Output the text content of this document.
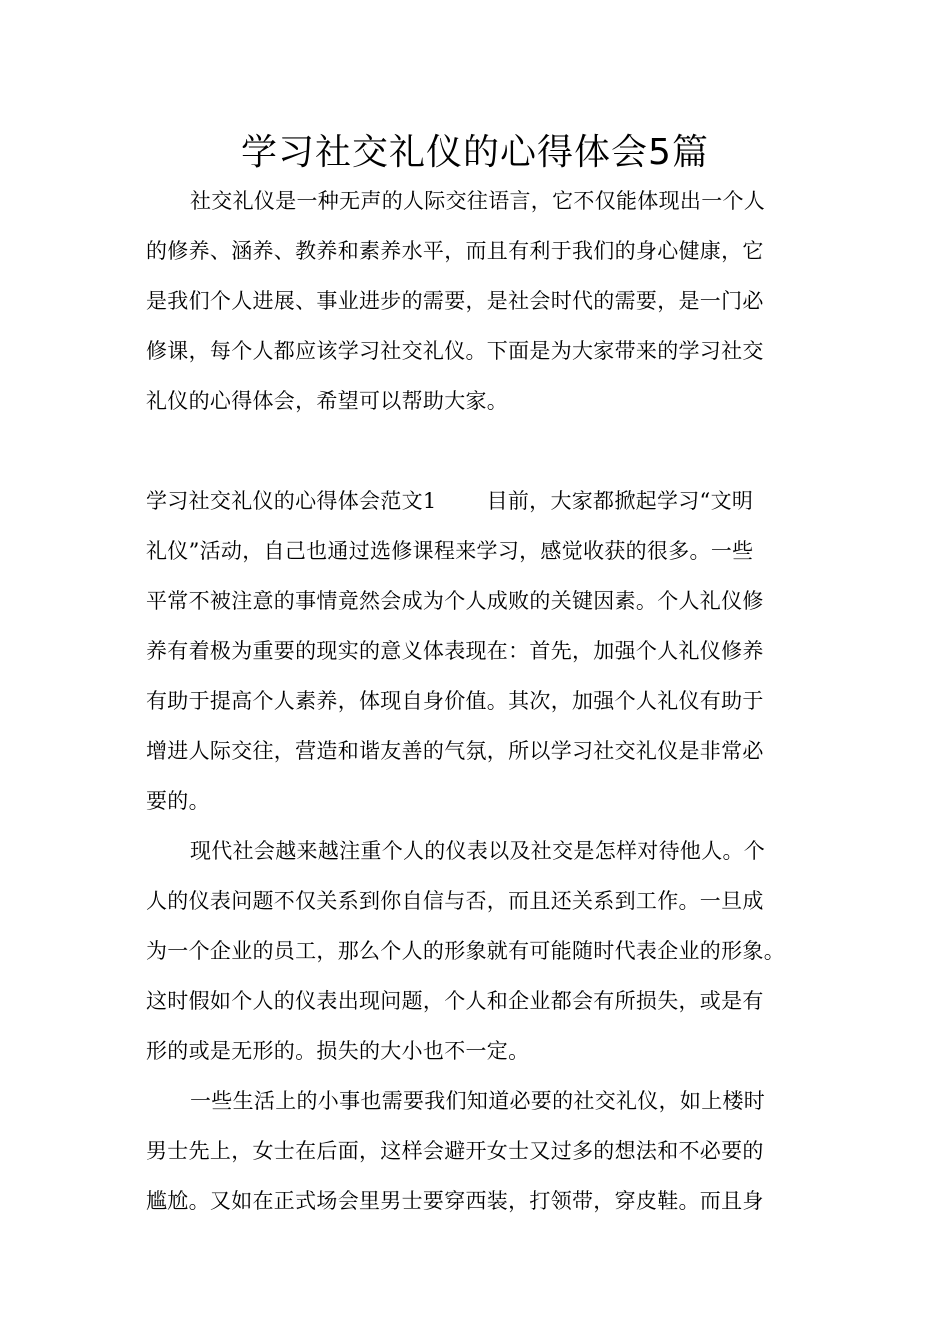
学习社交礼仪的心得体会5篇
社交礼仪是一种无声的人际交往语言，它不仅能体现出一个人
的修养、涵养、教养和素养水平，而且有利于我们的身心健康，它
是我们个人进展、事业进步的需要，是社会时代的需要，是一门必
修课，每个人都应该学习社交礼仪。下面是为大家带来的学习社交
礼仪的心得体会，希望可以帮助大家。
学习社交礼仪的心得体会范文1 目前，大家都掀起学习“文明
礼仪”活动，自己也通过选修课程来学习，感觉收获的很多。一些
平常不被注意的事情竟然会成为个人成败的关键因素。个人礼仪修
养有着极为重要的现实的意义体表现在：首先，加强个人礼仪修养
有助于提高个人素养，体现自身价值。其次，加强个人礼仪有助于
增进人际交往，营造和谐友善的气氛，所以学习社交礼仪是非常必
要的。
现代社会越来越注重个人的仪表以及社交是怎样对待他人。个
人的仪表问题不仅关系到你自信与否，而且还关系到工作。一旦成
为一个企业的员工，那么个人的形象就有可能随时代表企业的形象。
这时假如个人的仪表出现问题，个人和企业都会有所损失，或是有
形的或是无形的。损失的大小也不一定。
一些生活上的小事也需要我们知道必要的社交礼仪，如上楼时
男士先上，女士在后面，这样会避开女士又过多的想法和不必要的
尴尬。又如在正式场会里男士要穿西装，打领带，穿皮鞋。而且身
